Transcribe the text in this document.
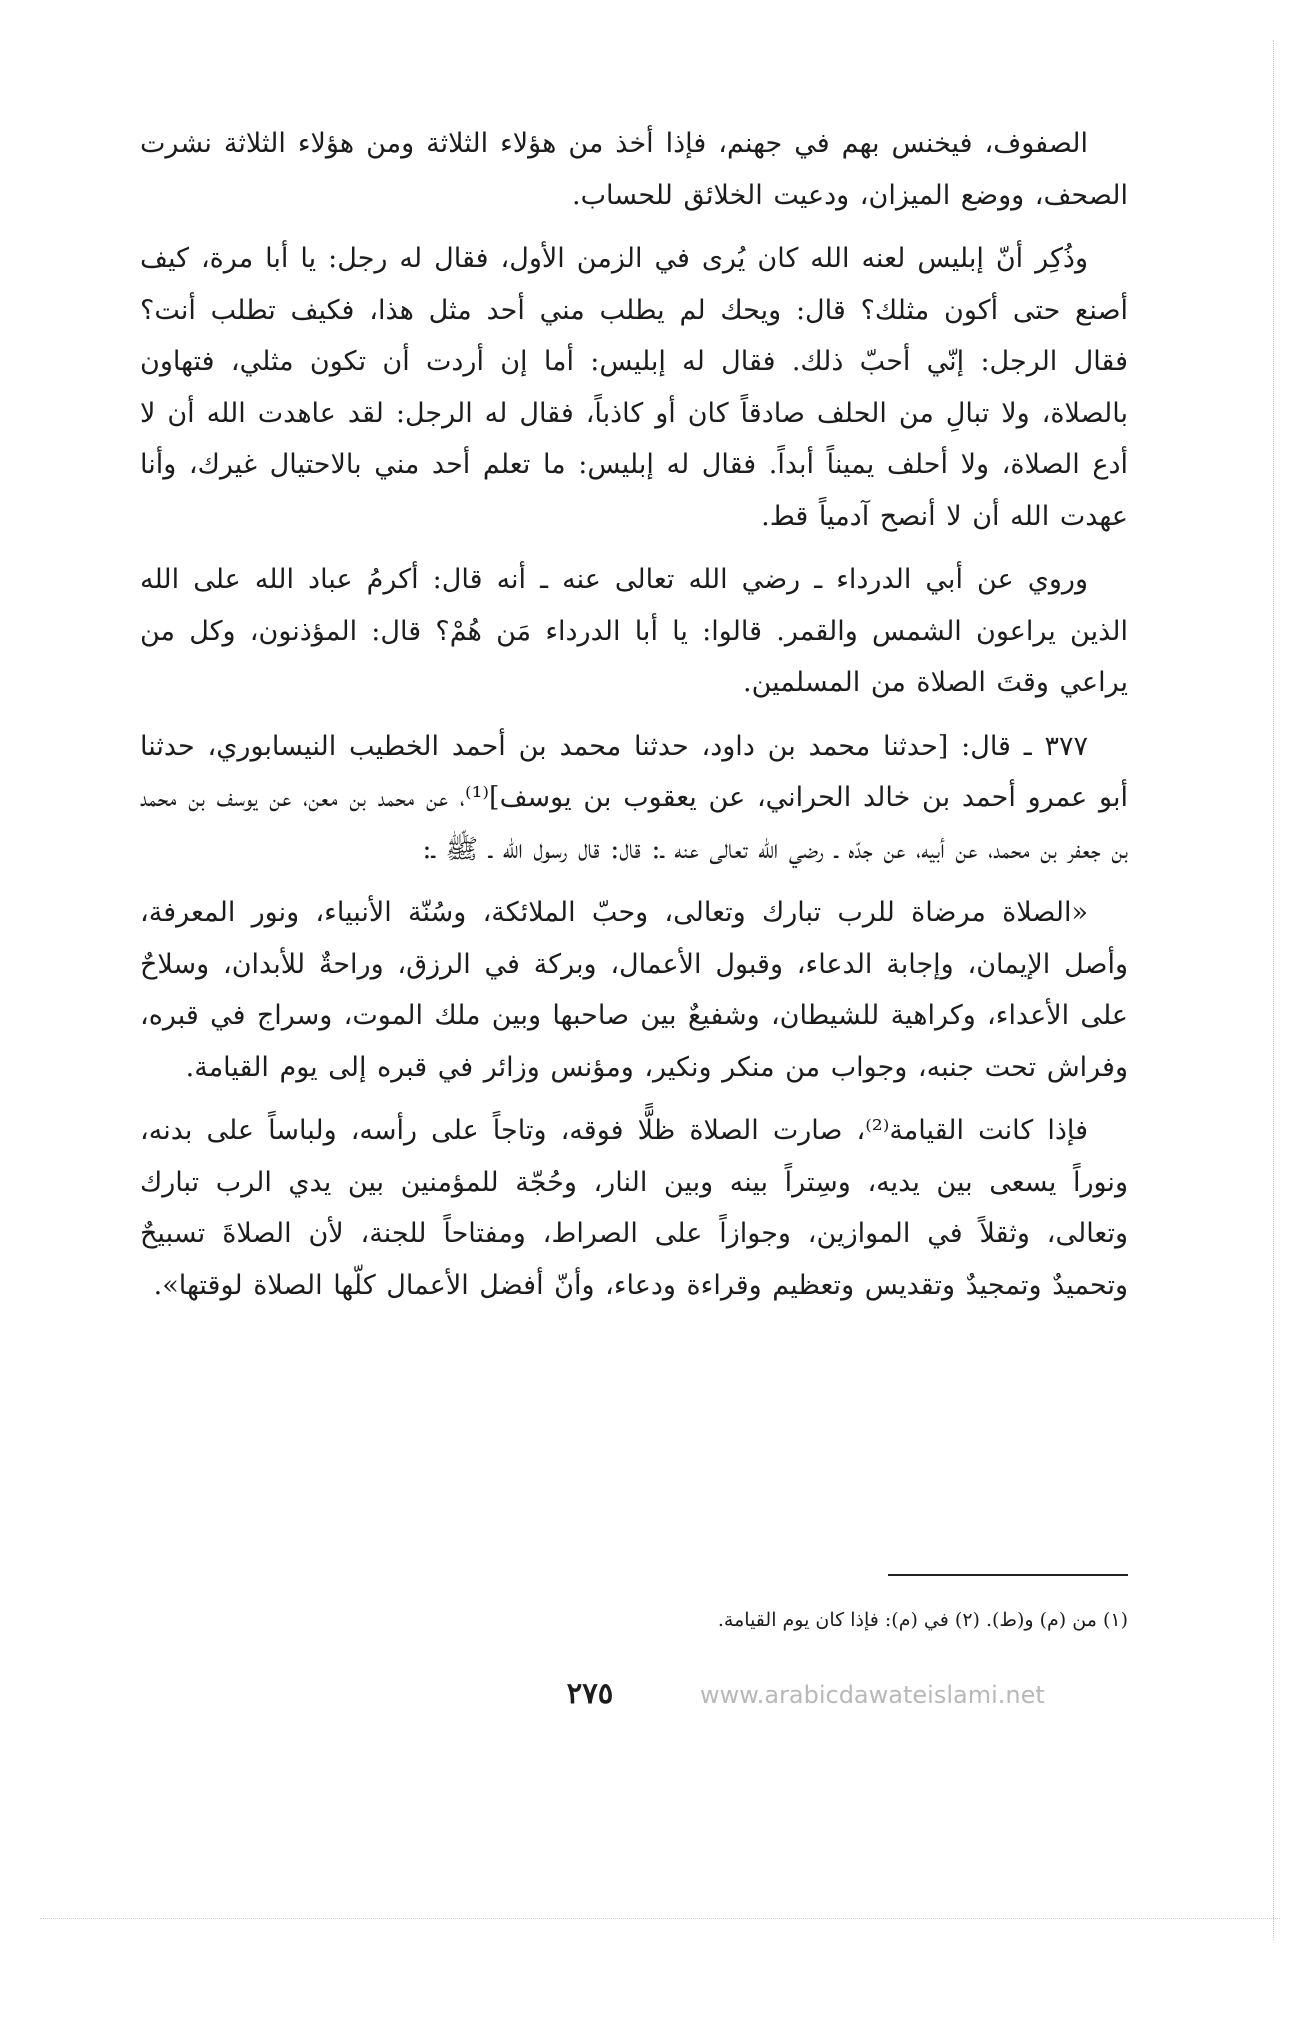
الصفوف، فيخنس بهم في جهنم، فإذا أخذ من هؤلاء الثلاثة ومن هؤلاء الثلاثة نشرت الصحف، ووضع الميزان، ودعيت الخلائق للحساب.

وذُكِر أنّ إبليس لعنه الله كان يُرى في الزمن الأول، فقال له رجل: يا أبا مرة، كيف أصنع حتى أكون مثلك؟ قال: ويحك لم يطلب مني أحد مثل هذا، فكيف تطلب أنت؟ فقال الرجل: إنّي أحبّ ذلك. فقال له إبليس: أما إن أردت أن تكون مثلي، فتهاون بالصلاة، ولا تبالِ من الحلف صادقاً كان أو كاذباً، فقال له الرجل: لقد عاهدت الله أن لا أدع الصلاة، ولا أحلف يميناً أبداً. فقال له إبليس: ما تعلم أحد مني بالاحتيال غيرك، وأنا عهدت الله أن لا أنصح آدمياً قط.

وروي عن أبي الدرداء ـ رضي الله تعالى عنه ـ أنه قال: أكرمُ عباد الله على الله الذين يراعون الشمس والقمر. قالوا: يا أبا الدرداء مَن هُمْ؟ قال: المؤذنون، وكل من يراعي وقتَ الصلاة من المسلمين.

٣٧٧ ـ قال: [حدثنا محمد بن داود، حدثنا محمد بن أحمد الخطيب النيسابوري، حدثنا أبو عمرو أحمد بن خالد الحراني، عن يعقوب بن يوسف]⁽¹⁾، عن محمد بن معن، عن يوسف بن محمد بن جعفر بن محمد، عن أبيه، عن جدّه ـ رضي الله تعالى عنه ـ: قال: قال رسول الله ـ ﷺ ـ:

«الصلاة مرضاة للرب تبارك وتعالى، وحبّ الملائكة، وسُنّة الأنبياء، ونور المعرفة، وأصل الإيمان، وإجابة الدعاء، وقبول الأعمال، وبركة في الرزق، وراحةٌ للأبدان، وسلاحٌ على الأعداء، وكراهية للشيطان، وشفيعٌ بين صاحبها وبين ملك الموت، وسراج في قبره، وفراش تحت جنبه، وجواب من منكر ونكير، ومؤنس وزائر في قبره إلى يوم القيامة.

فإذا كانت القيامة⁽²⁾، صارت الصلاة ظلًّا فوقه، وتاجاً على رأسه، ولباساً على بدنه، ونوراً يسعى بين يديه، وسِتراً بينه وبين النار، وحُجّة للمؤمنين بين يدي الرب تبارك وتعالى، وثقلاً في الموازين، وجوازاً على الصراط، ومفتاحاً للجنة، لأن الصلاةَ تسبيحٌ وتحميدٌ وتمجيدٌ وتقديس وتعظيم وقراءة ودعاء، وأنّ أفضل الأعمال كلّها الصلاة لوقتها».

(١) من (م) و(ط). (٢) في (م): فإذا كان يوم القيامة.
٢٧٥	www.arabicdawateislami.net
